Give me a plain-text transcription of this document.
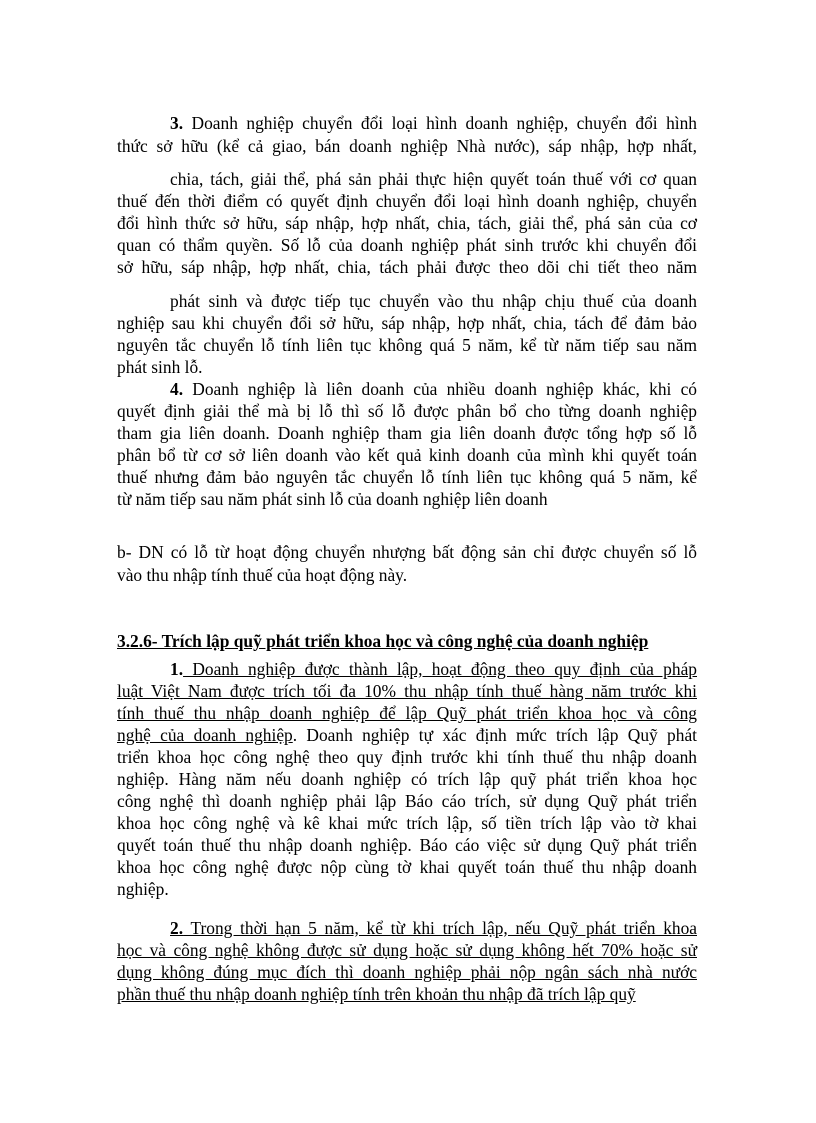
3. Doanh nghiệp chuyển đổi loại hình doanh nghiệp, chuyển đổi hình
thức sở hữu (kể cả giao, bán doanh nghiệp Nhà nước), sáp nhập, hợp nhất,
chia, tách, giải thể, phá sản phải thực hiện quyết toán thuế với cơ quan
thuế đến thời điểm có quyết định chuyển đổi loại hình doanh nghiệp, chuyển
đổi hình thức sở hữu, sáp nhập, hợp nhất, chia, tách, giải thể, phá sản của cơ
quan có thẩm quyền. Số lỗ của doanh nghiệp phát sinh trước khi chuyển đổi
sở hữu, sáp nhập, hợp nhất, chia, tách phải được theo dõi chi tiết theo năm
phát sinh và được tiếp tục chuyển vào thu nhập chịu thuế của doanh
nghiệp sau khi chuyển đổi sở hữu, sáp nhập, hợp nhất, chia, tách để đảm bảo
nguyên tắc chuyển lỗ tính liên tục không quá 5 năm, kể từ năm tiếp sau năm
phát sinh lỗ.
4. Doanh nghiệp là liên doanh của nhiều doanh nghiệp khác, khi có
quyết định giải thể mà bị lỗ thì số lỗ được phân bổ cho từng doanh nghiệp
tham gia liên doanh. Doanh nghiệp tham gia liên doanh được tổng hợp số lỗ
phân bổ từ cơ sở liên doanh vào kết quả kinh doanh của mình khi quyết toán
thuế nhưng đảm bảo nguyên tắc chuyển lỗ tính liên tục không quá 5 năm, kể
từ năm tiếp sau năm phát sinh lỗ của doanh nghiệp liên doanh
b- DN có lỗ từ hoạt động chuyển nhượng bất động sản chỉ được chuyển số lỗ
vào thu nhập tính thuế của hoạt động này.
3.2.6- Trích lập quỹ phát triển khoa học và công nghệ của doanh nghiệp
1. Doanh nghiệp được thành lập, hoạt động theo quy định của pháp
luật Việt Nam được trích tối đa 10% thu nhập tính thuế hàng năm trước khi
tính thuế thu nhập doanh nghiệp để lập Quỹ phát triển khoa học và công
nghệ của doanh nghiệp. Doanh nghiệp tự xác định mức trích lập Quỹ phát
triển khoa học công nghệ theo quy định trước khi tính thuế thu nhập doanh
nghiệp. Hàng năm nếu doanh nghiệp có trích lập quỹ phát triển khoa học
công nghệ thì doanh nghiệp phải lập Báo cáo trích, sử dụng Quỹ phát triển
khoa học công nghệ và kê khai mức trích lập, số tiền trích lập vào tờ khai
quyết toán thuế thu nhập doanh nghiệp. Báo cáo việc sử dụng Quỹ phát triển
khoa học công nghệ được nộp cùng tờ khai quyết toán thuế thu nhập doanh
nghiệp.
2. Trong thời hạn 5 năm, kể từ khi trích lập, nếu Quỹ phát triển khoa
học và công nghệ không được sử dụng hoặc sử dụng không hết 70% hoặc sử
dụng không đúng mục đích thì doanh nghiệp phải nộp ngân sách nhà nước
phần thuế thu nhập doanh nghiệp tính trên khoản thu nhập đã trích lập quỹ
